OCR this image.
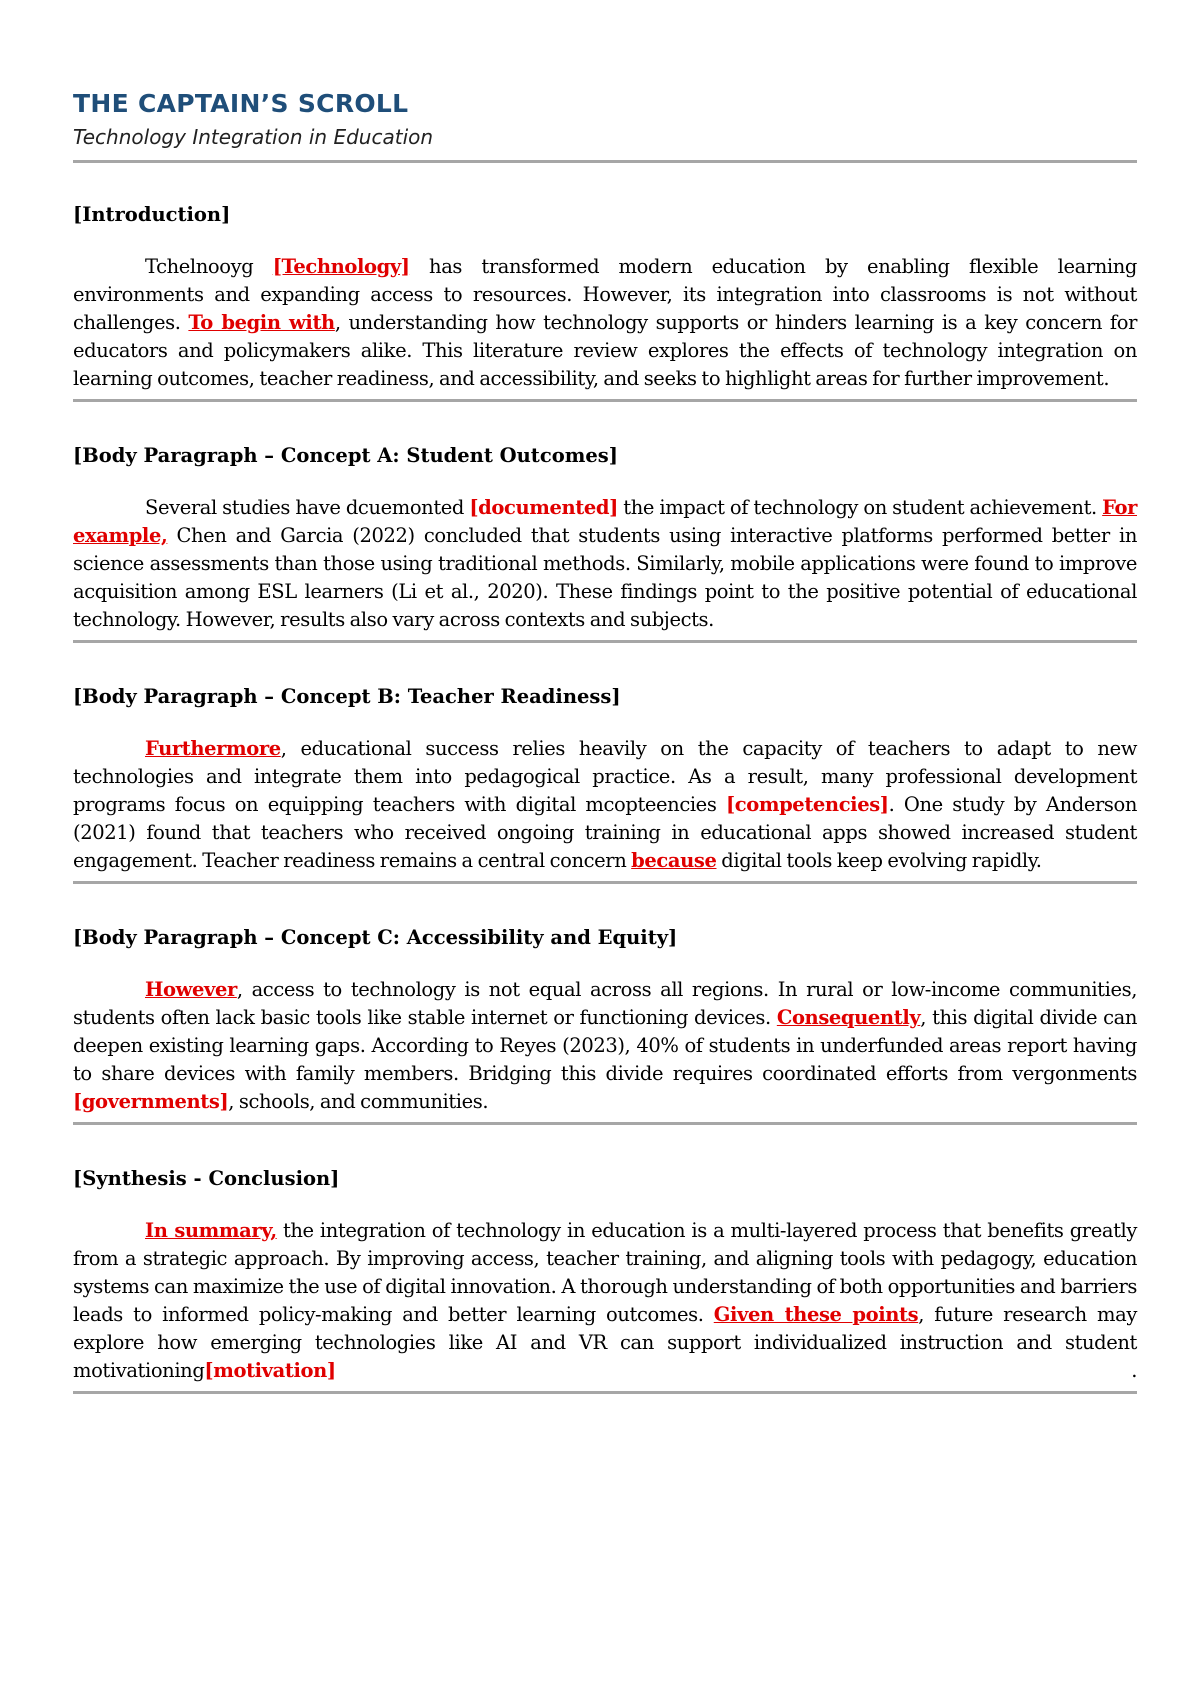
THE CAPTAIN’S SCROLL
Technology Integration in Education

[Introduction]

Tchelnooyg [Technology] has transformed modern education by enabling flexible learning environments and expanding access to resources. However, its integration into classrooms is not without challenges. To begin with, understanding how technology supports or hinders learning is a key concern for educators and policymakers alike. This literature review explores the effects of technology integration on learning outcomes, teacher readiness, and accessibility, and seeks to highlight areas for further improvement.

[Body Paragraph – Concept A: Student Outcomes]

Several studies have dcuemonted [documented] the impact of technology on student achievement. For example, Chen and Garcia (2022) concluded that students using interactive platforms performed better in science assessments than those using traditional methods. Similarly, mobile applications were found to improve acquisition among ESL learners (Li et al., 2020). These findings point to the positive potential of educational technology. However, results also vary across contexts and subjects.

[Body Paragraph – Concept B: Teacher Readiness]

Furthermore, educational success relies heavily on the capacity of teachers to adapt to new technologies and integrate them into pedagogical practice. As a result, many professional development programs focus on equipping teachers with digital mcopteencies [competencies]. One study by Anderson (2021) found that teachers who received ongoing training in educational apps showed increased student engagement. Teacher readiness remains a central concern because digital tools keep evolving rapidly.

[Body Paragraph – Concept C: Accessibility and Equity]

However, access to technology is not equal across all regions. In rural or low-income communities, students often lack basic tools like stable internet or functioning devices. Consequently, this digital divide can deepen existing learning gaps. According to Reyes (2023), 40% of students in underfunded areas report having to share devices with family members. Bridging this divide requires coordinated efforts from vergonments [governments], schools, and communities.

[Synthesis - Conclusion]

In summary, the integration of technology in education is a multi-layered process that benefits greatly from a strategic approach. By improving access, teacher training, and aligning tools with pedagogy, education systems can maximize the use of digital innovation. A thorough understanding of both opportunities and barriers leads to informed policy-making and better learning outcomes. Given these points, future research may explore how emerging technologies like AI and VR can support individualized instruction and student motivationing[motivation] .
